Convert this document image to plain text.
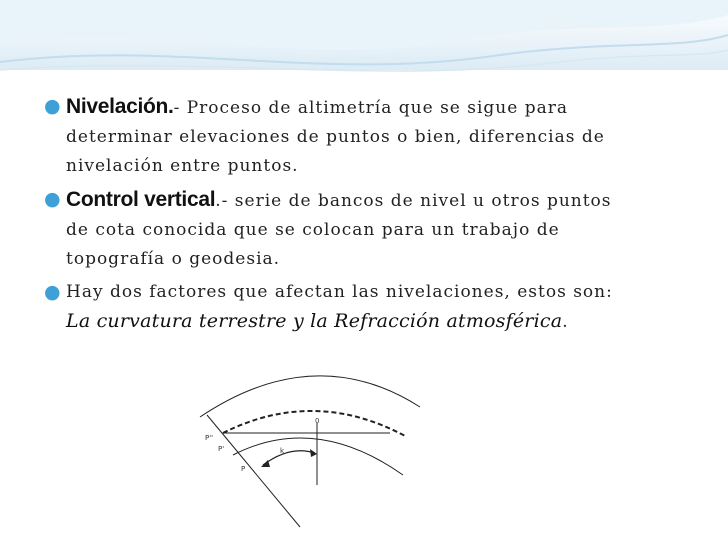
● Nivelación.- Proceso de altimetría que se sigue para
determinar elevaciones de puntos o bien, diferencias de
nivelación entre puntos.
● Control vertical.- serie de bancos de nivel u otros puntos
de cota conocida que se colocan para un trabajo de
topografía o geodesia.
● Hay dos factores que afectan las nivelaciones, estos son:
La curvatura terrestre y la Refracción atmosférica.
0
P''
P'	k
P
